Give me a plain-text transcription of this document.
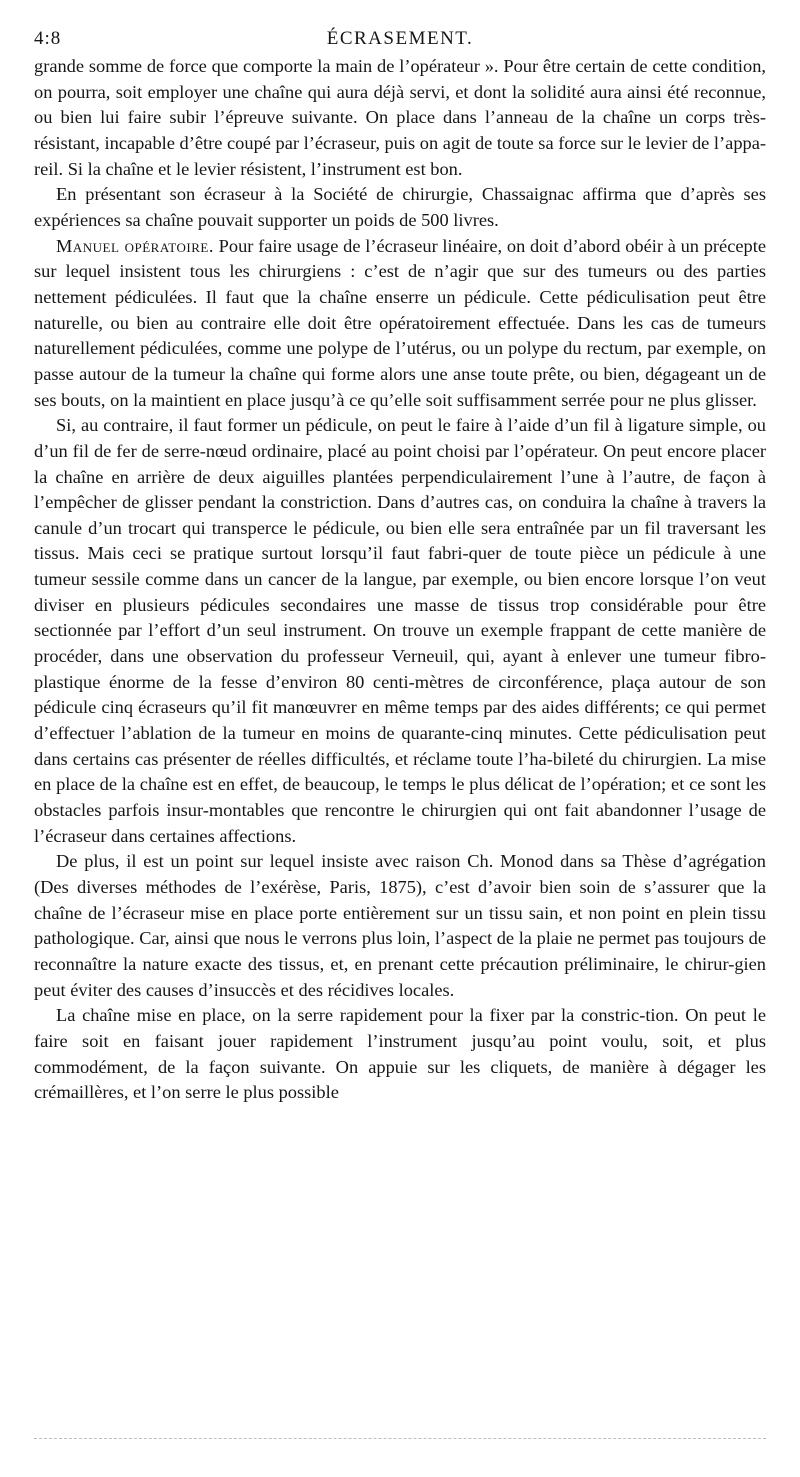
4:8	ÉCRASEMENT.

grande somme de force que comporte la main de l’opérateur ». Pour être certain de cette condition, on pourra, soit employer une chaîne qui aura déjà servi, et dont la solidité aura ainsi été reconnue, ou bien lui faire subir l’épreuve suivante. On place dans l’anneau de la chaîne un corps très-résistant, incapable d’être coupé par l’écraseur, puis on agit de toute sa force sur le levier de l’appa-reil. Si la chaîne et le levier résistent, l’instrument est bon.

En présentant son écraseur à la Société de chirurgie, Chassaignac affirma que d’après ses expériences sa chaîne pouvait supporter un poids de 500 livres.

Manuel opératoire. Pour faire usage de l’écraseur linéaire, on doit d’abord obéir à un précepte sur lequel insistent tous les chirurgiens : c’est de n’agir que sur des tumeurs ou des parties nettement pédiculées. Il faut que la chaîne enserre un pédicule. Cette pédiculisation peut être naturelle, ou bien au contraire elle doit être opératoirement effectuée. Dans les cas de tumeurs naturellement pédiculées, comme une polype de l’utérus, ou un polype du rectum, par exemple, on passe autour de la tumeur la chaîne qui forme alors une anse toute prête, ou bien, dégageant un de ses bouts, on la maintient en place jusqu’à ce qu’elle soit suffisamment serrée pour ne plus glisser.

Si, au contraire, il faut former un pédicule, on peut le faire à l’aide d’un fil à ligature simple, ou d’un fil de fer de serre-nœud ordinaire, placé au point choisi par l’opérateur. On peut encore placer la chaîne en arrière de deux aiguilles plantées perpendiculairement l’une à l’autre, de façon à l’empêcher de glisser pendant la constriction. Dans d’autres cas, on conduira la chaîne à travers la canule d’un trocart qui transperce le pédicule, ou bien elle sera entraînée par un fil traversant les tissus. Mais ceci se pratique surtout lorsqu’il faut fabri-quer de toute pièce un pédicule à une tumeur sessile comme dans un cancer de la langue, par exemple, ou bien encore lorsque l’on veut diviser en plusieurs pédicules secondaires une masse de tissus trop considérable pour être sectionnée par l’effort d’un seul instrument. On trouve un exemple frappant de cette manière de procéder, dans une observation du professeur Verneuil, qui, ayant à enlever une tumeur fibro-plastique énorme de la fesse d’environ 80 centi-mètres de circonférence, plaça autour de son pédicule cinq écraseurs qu’il fit manœuvrer en même temps par des aides différents; ce qui permet d’effectuer l’ablation de la tumeur en moins de quarante-cinq minutes. Cette pédiculisation peut dans certains cas présenter de réelles difficultés, et réclame toute l’ha-bileté du chirurgien. La mise en place de la chaîne est en effet, de beaucoup, le temps le plus délicat de l’opération; et ce sont les obstacles parfois insur-montables que rencontre le chirurgien qui ont fait abandonner l’usage de l’écraseur dans certaines affections.

De plus, il est un point sur lequel insiste avec raison Ch. Monod dans sa Thèse d’agrégation (Des diverses méthodes de l’exérèse, Paris, 1875), c’est d’avoir bien soin de s’assurer que la chaîne de l’écraseur mise en place porte entièrement sur un tissu sain, et non point en plein tissu pathologique. Car, ainsi que nous le verrons plus loin, l’aspect de la plaie ne permet pas toujours de reconnaître la nature exacte des tissus, et, en prenant cette précaution préliminaire, le chirur-gien peut éviter des causes d’insuccès et des récidives locales.

La chaîne mise en place, on la serre rapidement pour la fixer par la constric-tion. On peut le faire soit en faisant jouer rapidement l’instrument jusqu’au point voulu, soit, et plus commodément, de la façon suivante. On appuie sur les cliquets, de manière à dégager les crémaillères, et l’on serre le plus possible
